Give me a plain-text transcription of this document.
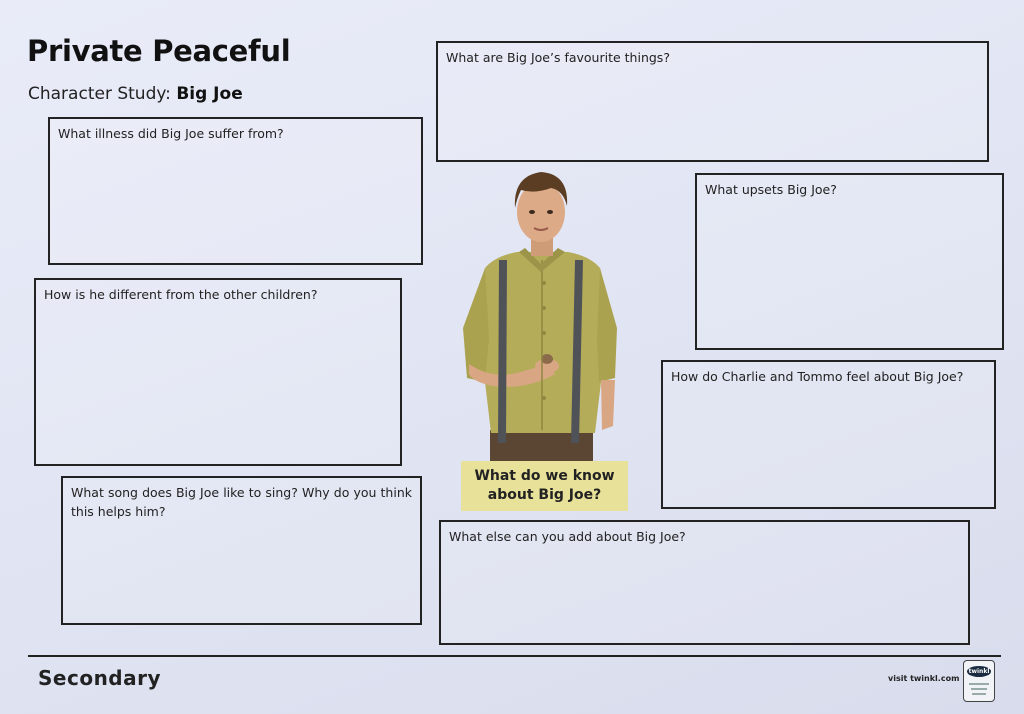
Private Peaceful
Character Study: Big Joe
What illness did Big Joe suffer from?
How is he different from the other children?
What song does Big Joe like to sing? Why do you think this helps him?
What are Big Joe’s favourite things?
What upsets Big Joe?
How do Charlie and Tommo feel about Big Joe?
What else can you add about Big Joe?
What do we know about Big Joe?
Secondary	visit twinkl.com
twinkl
